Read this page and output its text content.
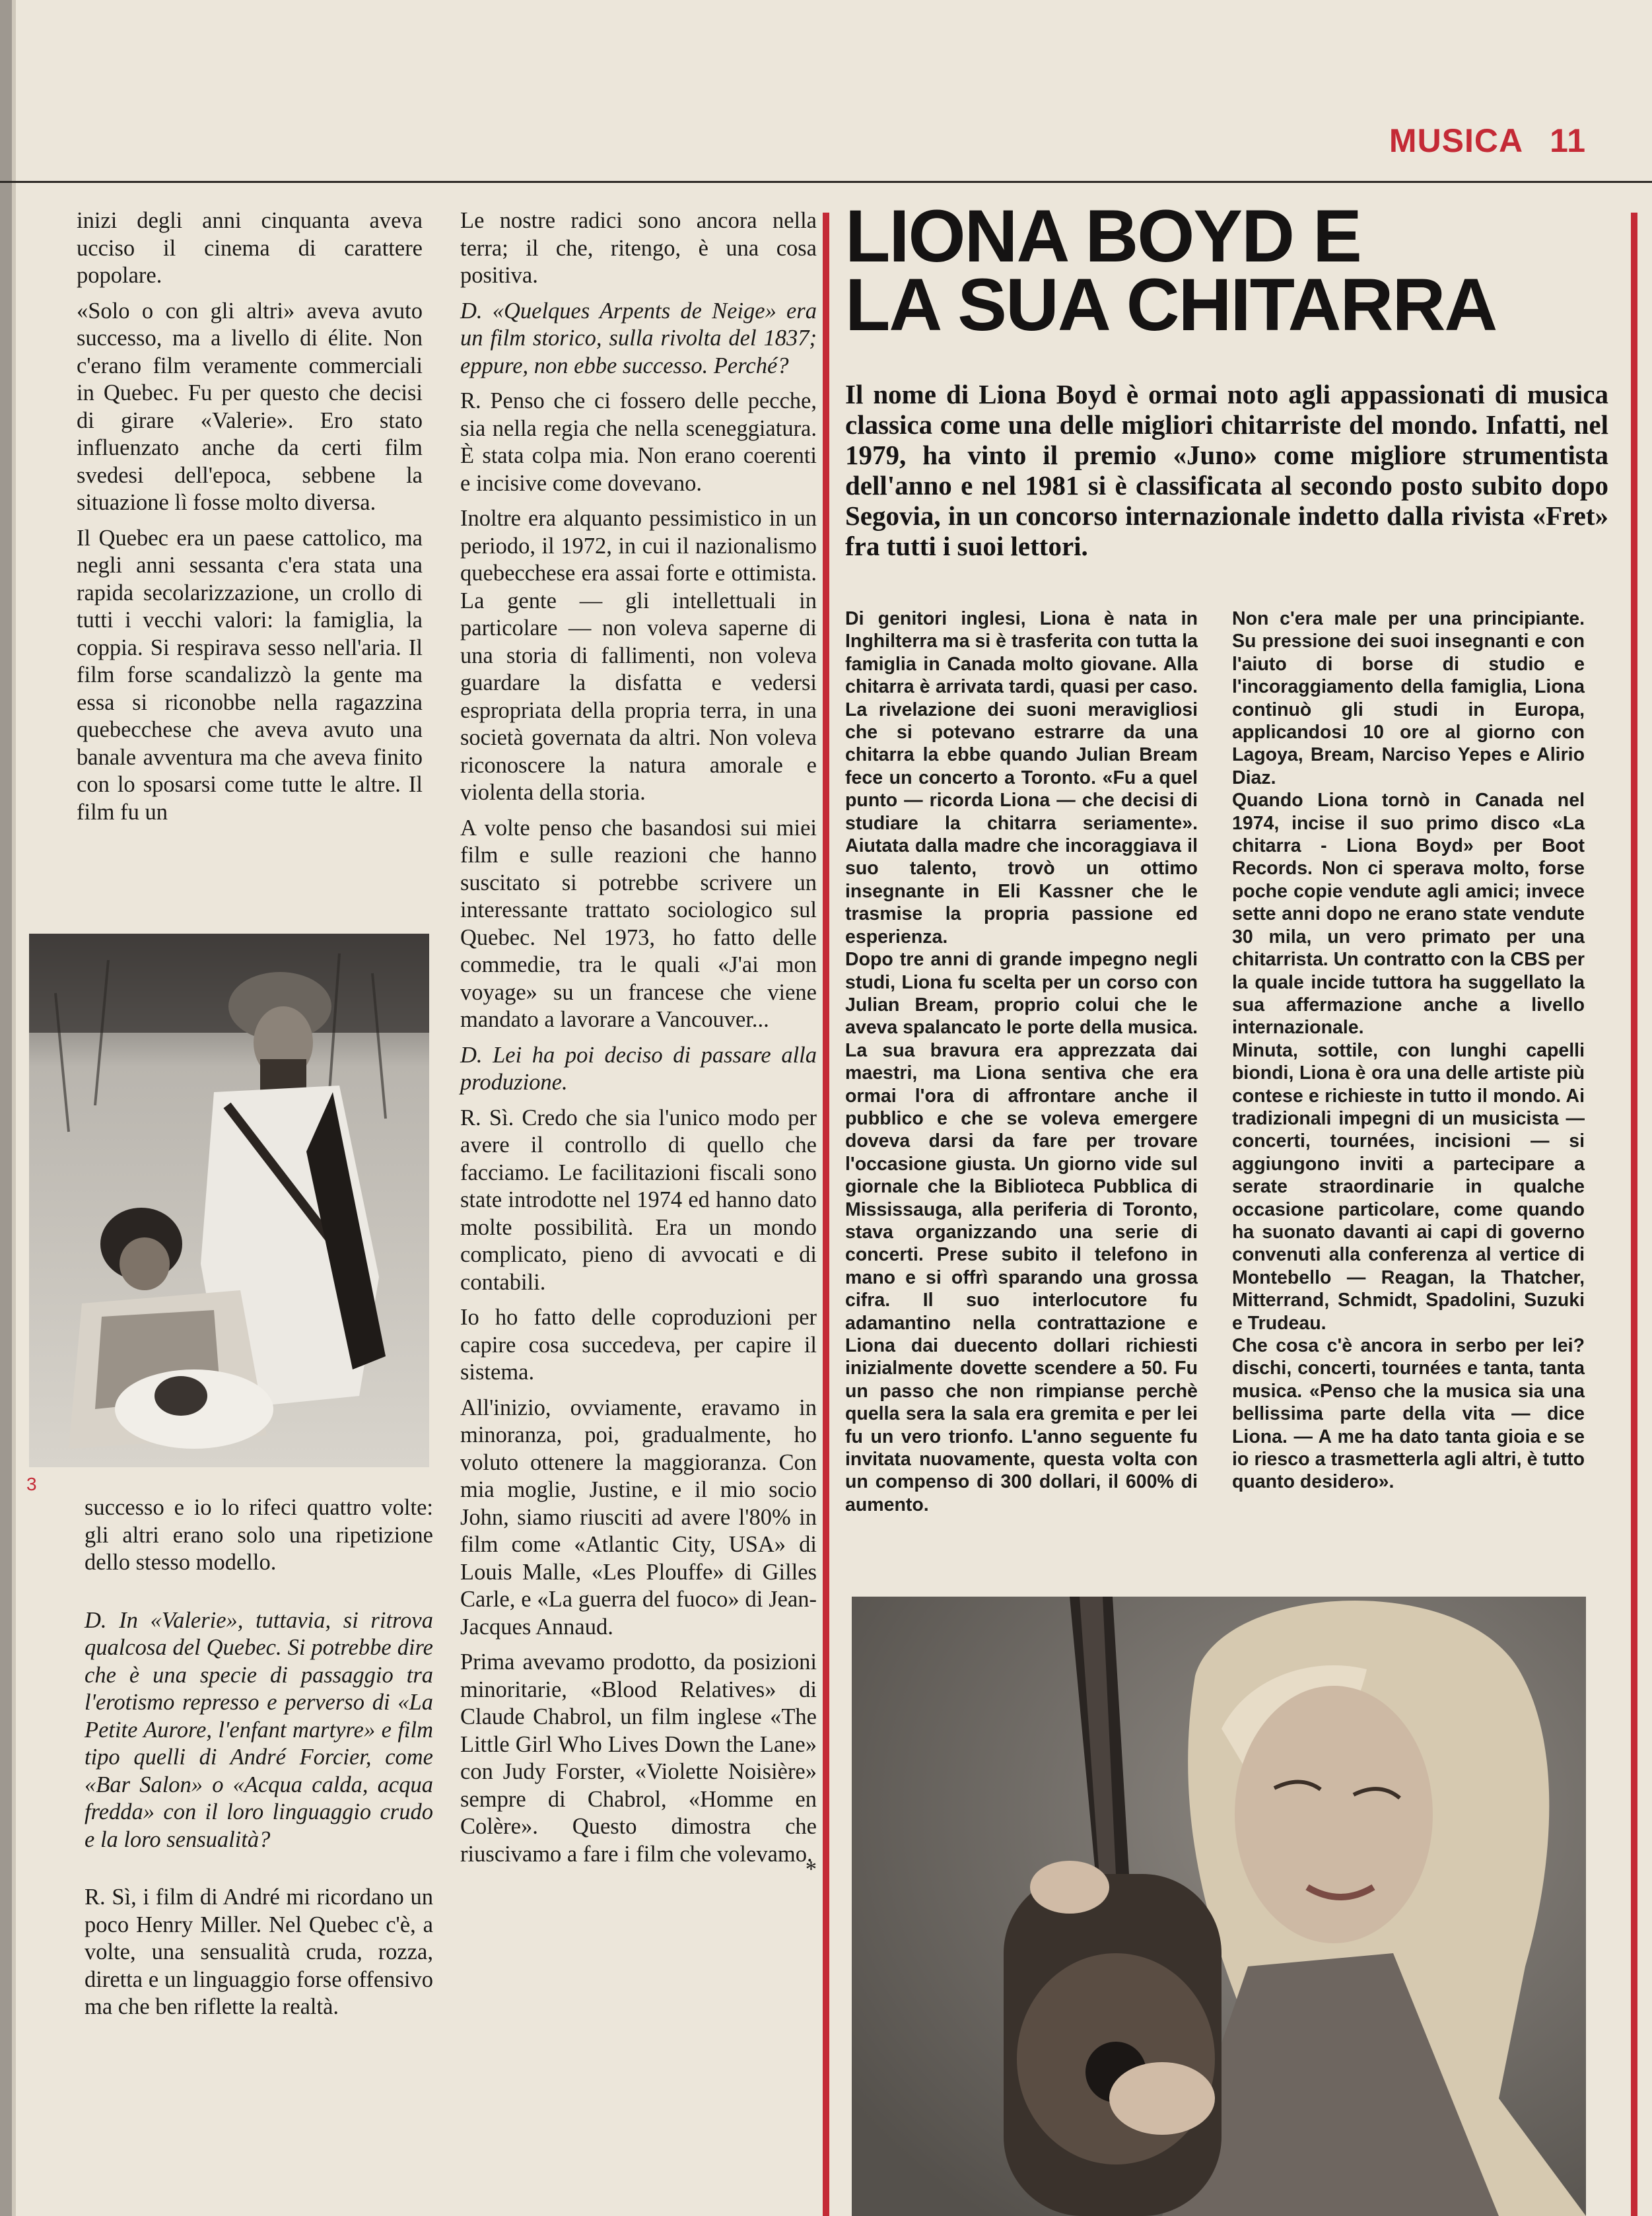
MUSICA 11

inizi degli anni cinquanta aveva ucciso il cinema di carattere popolare.

«Solo o con gli altri» aveva avuto successo, ma a livello di élite. Non c'erano film veramente commerciali in Quebec. Fu per questo che decisi di girare «Valerie». Ero stato influenzato anche da certi film svedesi dell'epoca, sebbene la situazione lì fosse molto diversa.

Il Quebec era un paese cattolico, ma negli anni sessanta c'era stata una rapida secolarizzazione, un crollo di tutti i vecchi valori: la famiglia, la coppia. Si respirava sesso nell'aria. Il film forse scandalizzò la gente ma essa si riconobbe nella ragazzina quebecchese che aveva avuto una banale avventura ma che aveva finito con lo sposarsi come tutte le altre. Il film fu un

3

successo e io lo rifeci quattro volte: gli altri erano solo una ripetizione dello stesso modello.

D. In «Valerie», tuttavia, si ritrova qualcosa del Quebec. Si potrebbe dire che è una specie di passaggio tra l'erotismo represso e perverso di «La Petite Aurore, l'enfant martyre» e film tipo quelli di André Forcier, come «Bar Salon» o «Acqua calda, acqua fredda» con il loro linguaggio crudo e la loro sensualità?

R. Sì, i film di André mi ricordano un poco Henry Miller. Nel Quebec c'è, a volte, una sensualità cruda, rozza, diretta e un linguaggio forse offensivo ma che ben riflette la realtà.

Le nostre radici sono ancora nella terra; il che, ritengo, è una cosa positiva.

D. «Quelques Arpents de Neige» era un film storico, sulla rivolta del 1837; eppure, non ebbe successo. Perché?

R. Penso che ci fossero delle pecche, sia nella regia che nella sceneggiatura. È stata colpa mia. Non erano coerenti e incisive come dovevano.

Inoltre era alquanto pessimistico in un periodo, il 1972, in cui il nazionalismo quebecchese era assai forte e ottimista. La gente — gli intellettuali in particolare — non voleva saperne di una storia di fallimenti, non voleva guardare la disfatta e vedersi espropriata della propria terra, in una società governata da altri. Non voleva riconoscere la natura amorale e violenta della storia.

A volte penso che basandosi sui miei film e sulle reazioni che hanno suscitato si potrebbe scrivere un interessante trattato sociologico sul Quebec. Nel 1973, ho fatto delle commedie, tra le quali «J'ai mon voyage» su un francese che viene mandato a lavorare a Vancouver...

D. Lei ha poi deciso di passare alla produzione.

R. Sì. Credo che sia l'unico modo per avere il controllo di quello che facciamo. Le facilitazioni fiscali sono state introdotte nel 1974 ed hanno dato molte possibilità. Era un mondo complicato, pieno di avvocati e di contabili.

Io ho fatto delle coproduzioni per capire cosa succedeva, per capire il sistema.

All'inizio, ovviamente, eravamo in minoranza, poi, gradualmente, ho voluto ottenere la maggioranza. Con mia moglie, Justine, e il mio socio John, siamo riusciti ad avere l'80% in film come «Atlantic City, USA» di Louis Malle, «Les Plouffe» di Gilles Carle, e «La guerra del fuoco» di Jean-Jacques Annaud.

Prima avevamo prodotto, da posizioni minoritarie, «Blood Relatives» di Claude Chabrol, un film inglese «The Little Girl Who Lives Down the Lane» con Judy Forster, «Violette Noisière» sempre di Chabrol, «Homme en Colère». Questo dimostra che riuscivamo a fare i film che volevamo.

*
LIONA BOYD E
LA SUA CHITARRA

Il nome di Liona Boyd è ormai noto agli appassionati di musica classica come una delle migliori chitarriste del mondo. Infatti, nel 1979, ha vinto il premio «Juno» come migliore strumentista dell'anno e nel 1981 si è classificata al secondo posto subito dopo Segovia, in un concorso internazionale indetto dalla rivista «Fret» fra tutti i suoi lettori.

Di genitori inglesi, Liona è nata in Inghilterra ma si è trasferita con tutta la famiglia in Canada molto giovane. Alla chitarra è arrivata tardi, quasi per caso. La rivelazione dei suoni meravigliosi che si potevano estrarre da una chitarra la ebbe quando Julian Bream fece un concerto a Toronto. «Fu a quel punto — ricorda Liona — che decisi di studiare la chitarra seriamente». Aiutata dalla madre che incoraggiava il suo talento, trovò un ottimo insegnante in Eli Kassner che le trasmise la propria passione ed esperienza.

Dopo tre anni di grande impegno negli studi, Liona fu scelta per un corso con Julian Bream, proprio colui che le aveva spalancato le porte della musica. La sua bravura era apprezzata dai maestri, ma Liona sentiva che era ormai l'ora di affrontare anche il pubblico e che se voleva emergere doveva darsi da fare per trovare l'occasione giusta. Un giorno vide sul giornale che la Biblioteca Pubblica di Mississauga, alla periferia di Toronto, stava organizzando una serie di concerti. Prese subito il telefono in mano e si offrì sparando una grossa cifra. Il suo interlocutore fu adamantino nella contrattazione e Liona dai duecento dollari richiesti inizialmente dovette scendere a 50. Fu un passo che non rimpianse perchè quella sera la sala era gremita e per lei fu un vero trionfo. L'anno seguente fu invitata nuovamente, questa volta con un compenso di 300 dollari, il 600% di aumento.

Non c'era male per una principiante. Su pressione dei suoi insegnanti e con l'aiuto di borse di studio e l'incoraggiamento della famiglia, Liona continuò gli studi in Europa, applicandosi 10 ore al giorno con Lagoya, Bream, Narciso Yepes e Alirio Diaz.

Quando Liona tornò in Canada nel 1974, incise il suo primo disco «La chitarra - Liona Boyd» per Boot Records. Non ci sperava molto, forse poche copie vendute agli amici; invece sette anni dopo ne erano state vendute 30 mila, un vero primato per una chitarrista. Un contratto con la CBS per la quale incide tuttora ha suggellato la sua affermazione anche a livello internazionale.

Minuta, sottile, con lunghi capelli biondi, Liona è ora una delle artiste più contese e richieste in tutto il mondo. Ai tradizionali impegni di un musicista — concerti, tournées, incisioni — si aggiungono inviti a partecipare a serate straordinarie in qualche occasione particolare, come quando ha suonato davanti ai capi di governo convenuti alla conferenza al vertice di Montebello — Reagan, la Thatcher, Mitterrand, Schmidt, Spadolini, Suzuki e Trudeau.

Che cosa c'è ancora in serbo per lei? dischi, concerti, tournées e tanta, tanta musica. «Penso che la musica sia una bellissima parte della vita — dice Liona. — A me ha dato tanta gioia e se io riesco a trasmetterla agli altri, è tutto quanto desidero».
